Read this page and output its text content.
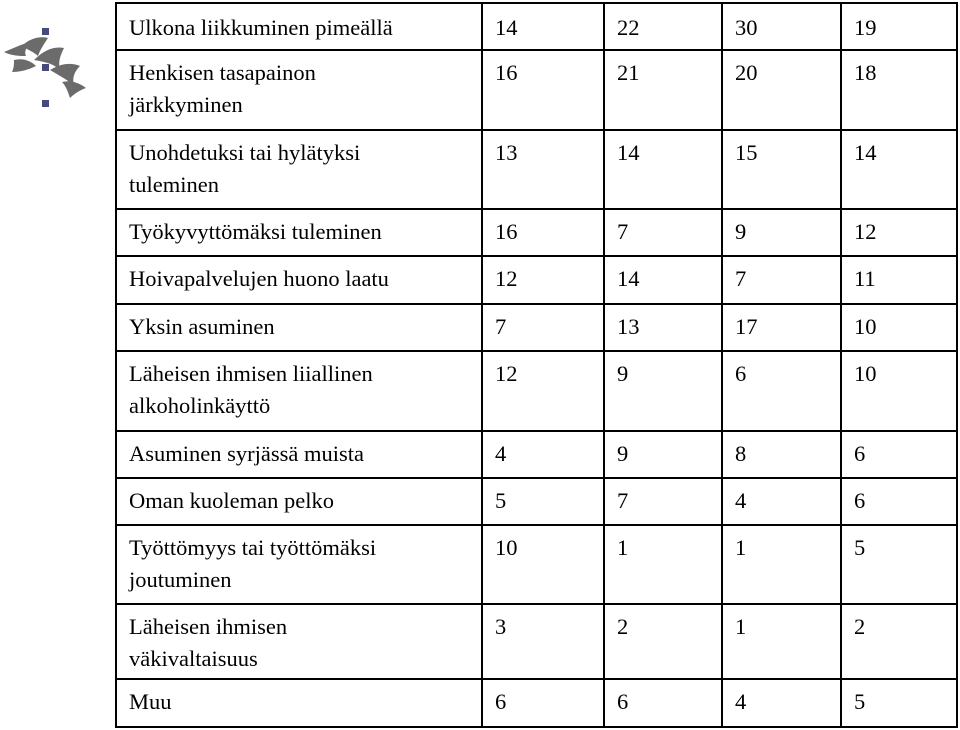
Ulkona liikkuminen pimeällä	14	22	30	19

Henkisen tasapainon
järkkyminen	16	21	20	18

Unohdetuksi tai hylätyksi
tuleminen	13	14	15	14

Työkyvyttömäksi tuleminen	16	7	9	12

Hoivapalvelujen huono laatu	12	14	7	11

Yksin asuminen	7	13	17	10

Läheisen ihmisen liiallinen
alkoholinkäyttö	12	9	6	10

Asuminen syrjässä muista	4	9	8	6

Oman kuoleman pelko	5	7	4	6

Työttömyys tai työttömäksi
joutuminen	10	1	1	5

Läheisen ihmisen
väkivaltaisuus	3	2	1	2

Muu	6	6	4	5
